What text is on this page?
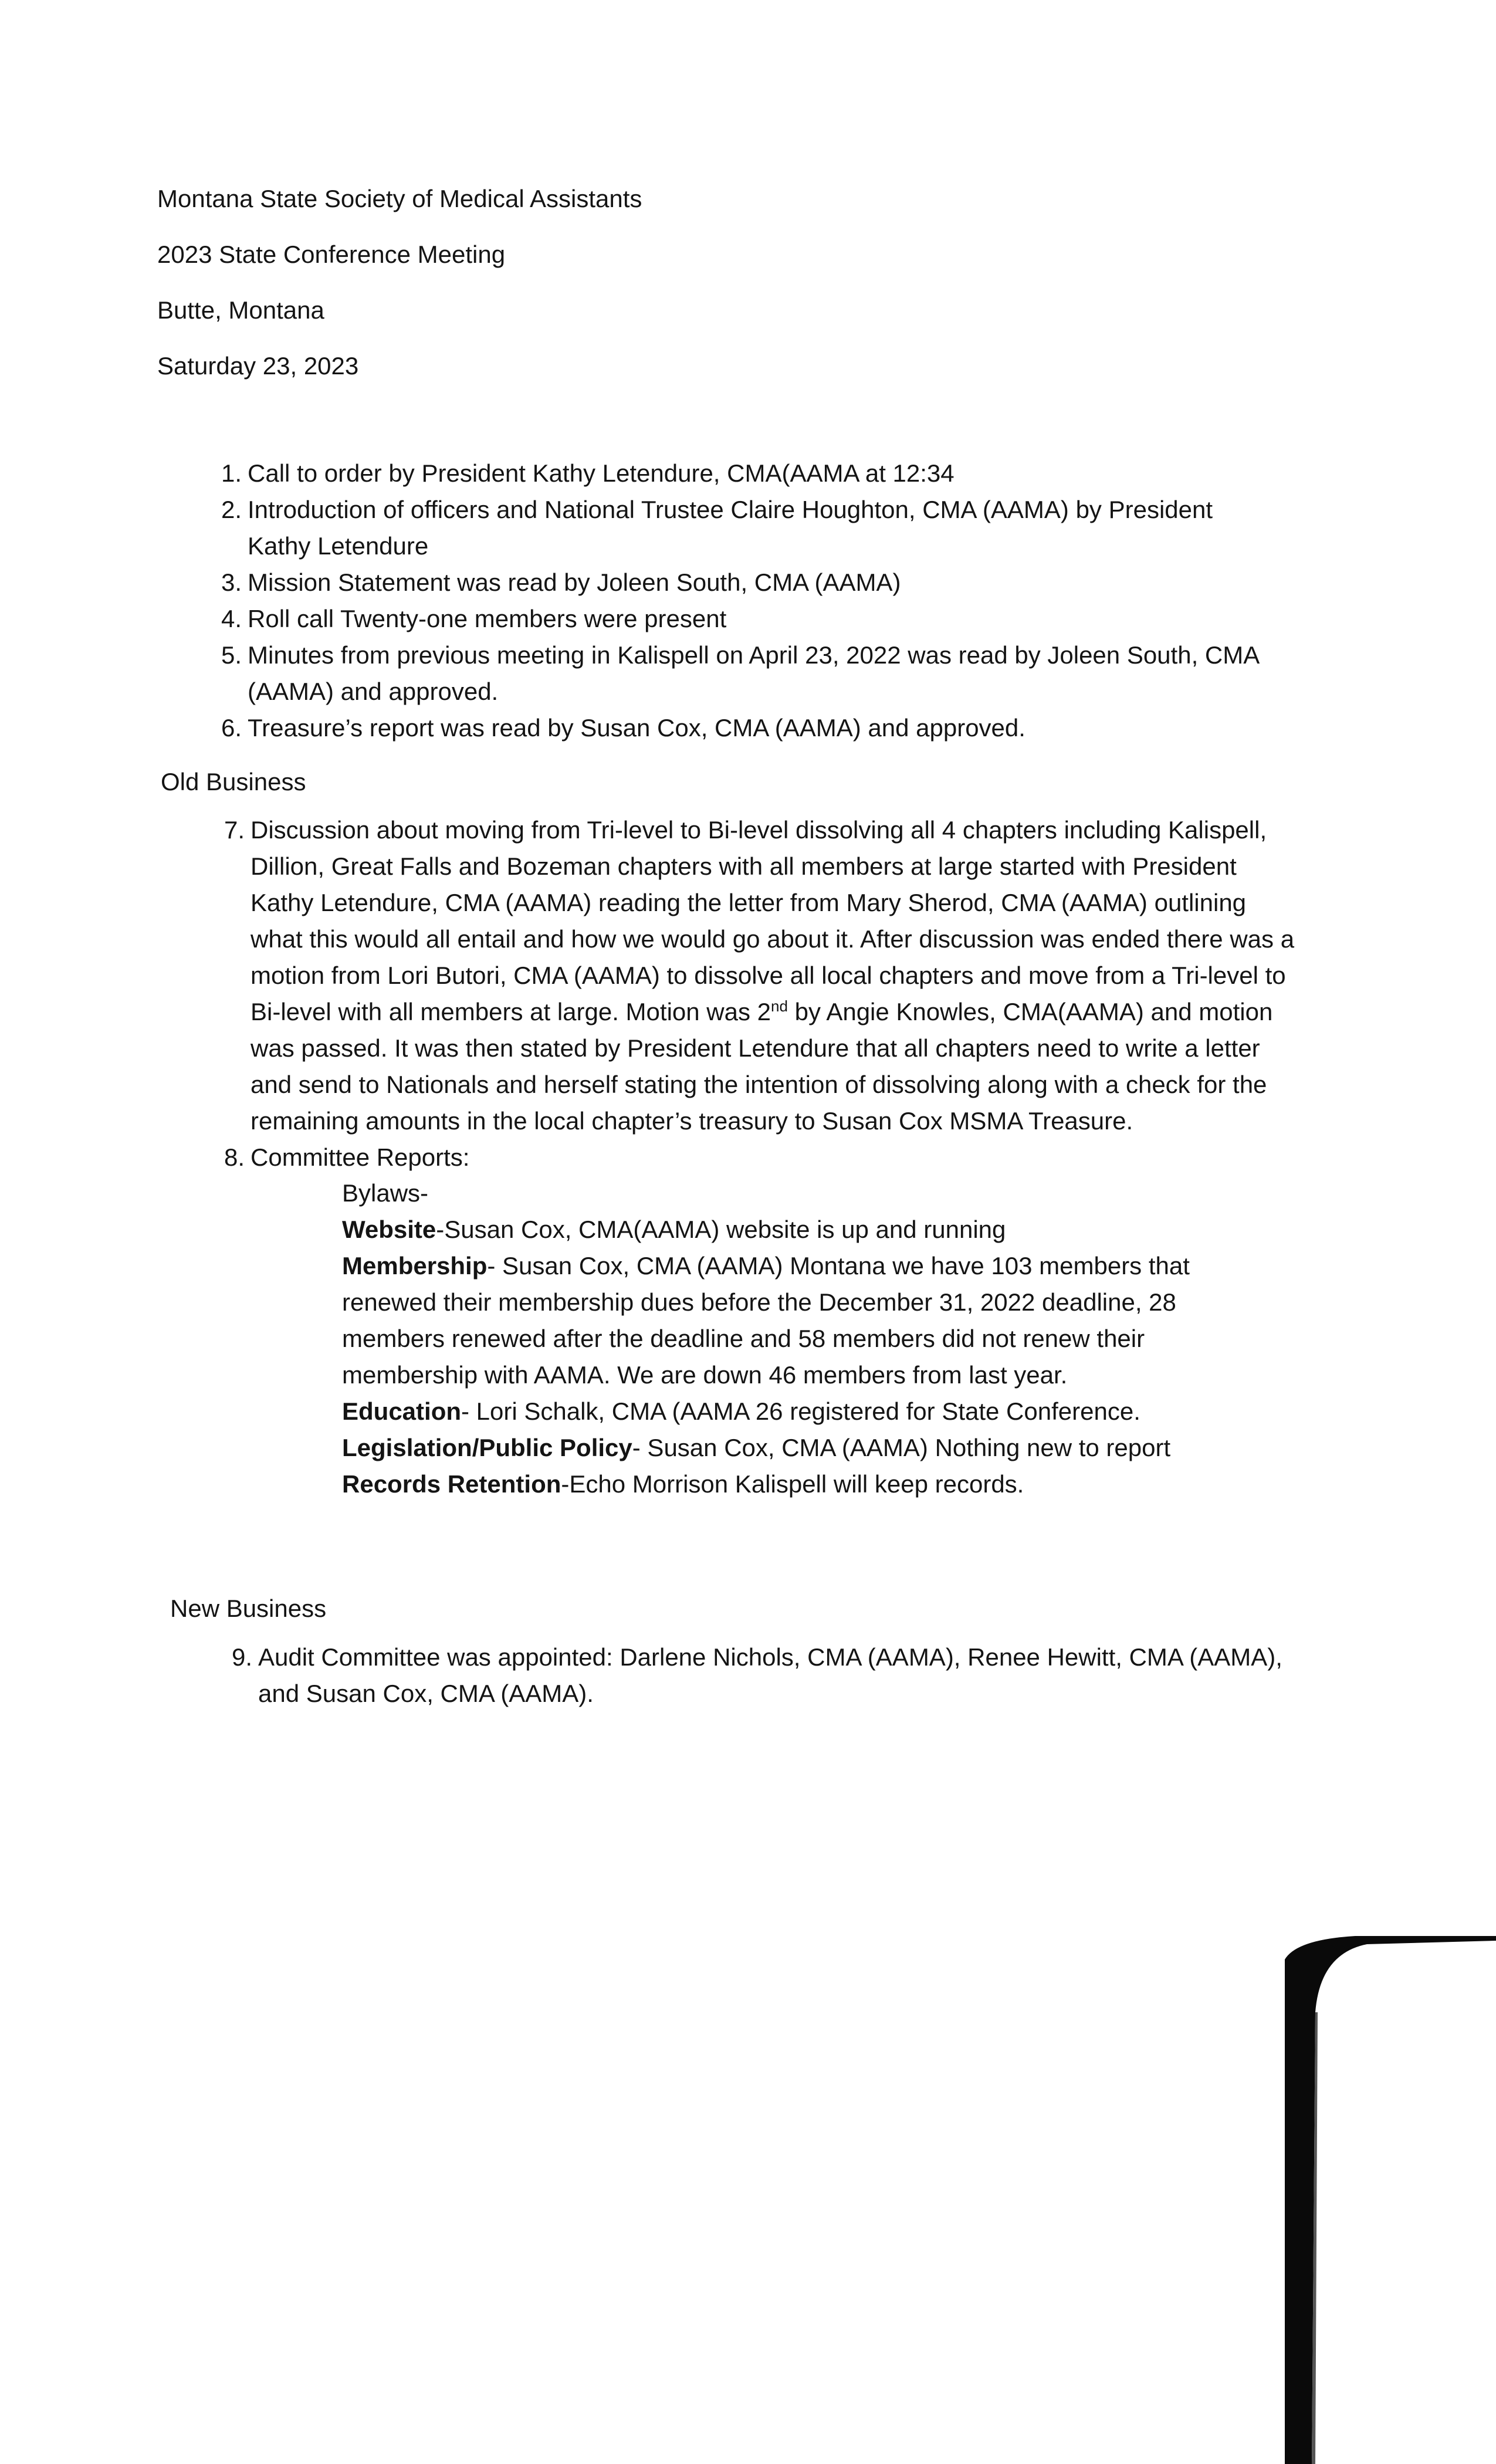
Montana State Society of Medical Assistants
2023 State Conference Meeting
Butte, Montana
Saturday 23, 2023
1. Call to order by President Kathy Letendure, CMA(AAMA at 12:34
2. Introduction of officers and National Trustee Claire Houghton, CMA (AAMA) by President Kathy Letendure
3. Mission Statement was read by Joleen South, CMA (AAMA)
4. Roll call Twenty-one members were present
5. Minutes from previous meeting in Kalispell on April 23, 2022 was read by Joleen South, CMA (AAMA) and approved.
6. Treasure’s report was read by Susan Cox, CMA (AAMA) and approved.
Old Business
7. Discussion about moving from Tri-level to Bi-level dissolving all 4 chapters including Kalispell, Dillion, Great Falls and Bozeman chapters with all members at large started with President Kathy Letendure, CMA (AAMA) reading the letter from Mary Sherod, CMA (AAMA) outlining what this would all entail and how we would go about it. After discussion was ended there was a motion from Lori Butori, CMA (AAMA) to dissolve all local chapters and move from a Tri-level to Bi-level with all members at large. Motion was 2nd by Angie Knowles, CMA(AAMA) and motion was passed. It was then stated by President Letendure that all chapters need to write a letter and send to Nationals and herself stating the intention of dissolving along with a check for the remaining amounts in the local chapter’s treasury to Susan Cox MSMA Treasure.
8. Committee Reports:
Bylaws-
Website-Susan Cox, CMA(AAMA) website is up and running
Membership- Susan Cox, CMA (AAMA) Montana we have 103 members that renewed their membership dues before the December 31, 2022 deadline, 28 members renewed after the deadline and 58 members did not renew their membership with AAMA. We are down 46 members from last year.
Education- Lori Schalk, CMA (AAMA 26 registered for State Conference.
Legislation/Public Policy- Susan Cox, CMA (AAMA) Nothing new to report
Records Retention-Echo Morrison Kalispell will keep records.
New Business
9. Audit Committee was appointed: Darlene Nichols, CMA (AAMA), Renee Hewitt, CMA (AAMA), and Susan Cox, CMA (AAMA).
